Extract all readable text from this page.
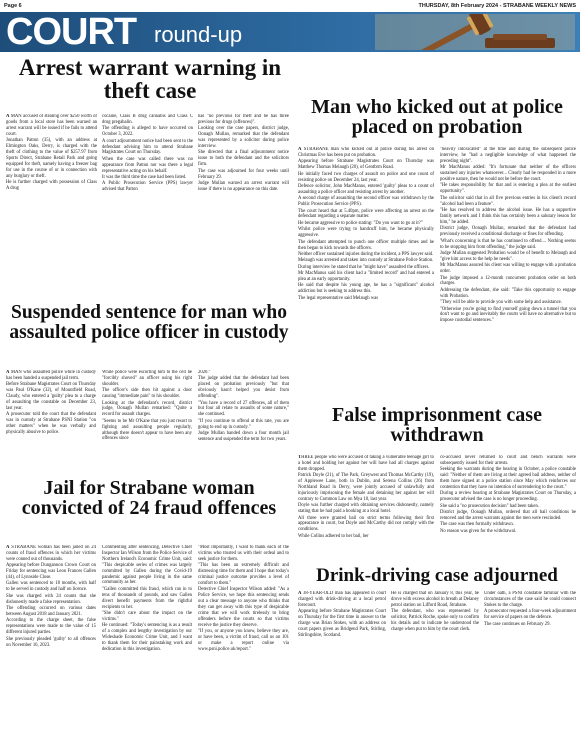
Page 6	THURSDAY, 8th February 2024 - STRABANE WEEKLY NEWS
COURT round-up
Arrest warrant warning in theft case

A MAN accused of stealing over $250 worth of goods from a local store has been warned an arrest warrant will be issued if he fails to attend court.

Jonathan Patton (35), with an address at Elmington Oaks, Derry, is charged with the theft of clothing to the value of $257.97 from Sports Direct, Strabane Retail Park and going equipped for theft, namely having a freezer bag for use in the course of or in connection with any burglary or theft.

He is further charged with possession of Class A drug

cocaine, Class B drug cannabis and Class C drug pregabalin.

The offending is alleged to have occurred on October 3, 2022.

A court adjournment notice had been sent to the defendant advising him to attend Strabane Magistrates Court on Thursday.

When the case was called there was no appearance from Patton nor was there a legal representative acting on his behalf.

It was the third time the case had been listed.

A Public Prosecution Service (PPS) lawyer advised that Patton

has "no previous for theft and he has three previous for drugs (offences)".

Looking over the case papers, district judge, Oonagh Mullan, remarked that the defendant was represented by a solicitor during police interview.

She directed that a final adjournment notice issue to both the defendant and the solicitors firm.

The case was adjourned for four weeks until February 29.

Judge Mullan warned an arrest warrant will issue if there is no appearance on this date.

Man who kicked out at police placed on probation

A STRABANE man who kicked out at police during his arrest on Christmas Eve has been put on probation.

Appearing before Strabane Magistrates Court on Thursday was Matthew Thomas Melaugh (20), of Gentbrm Road.

He initially faced two charges of assault on police and one count of resisting police on December 24, last year.

Defence solicitor, John MacManus, entered 'guilty' pleas to a count of assaulting a police officer and resisting arrest by another.

A second charge of assaulting the second officer was withdrawn by the Public Prosecution Service (PPS).

The court heard that at 5.40pm, police were affecting an arrest on the defendant regarding a separate matter.

He became aggressive to police stating: "Do you want to go at it?"

Whilst police were trying to handcuff him, he became physically aggressive.

The defendant attempted to punch one officer multiple times and he then began to kick towards the officers.

Neither officer sustained injuries during the incident, a PPS lawyer said.

Melaugh was arrested and taken into custody at Strabane Police Station.

During interview he stated that he "might have" assaulted the officers.

Mr MacManus said his client had a "limited record" and had entered a plea at an early opportunity.

He said that despite his young age, he has a "significant" alcohol addiction but is seeking to address this.

The legal representative said Melaugh was

"heavily intoxicated" at the time and during the subsequent police interview, he "had a negligible knowledge of what happened the preceding night".

Mr MacManus added: "It's fortunate that neither of the officers sustained any injuries whatsoever... Clearly had he responded in a more positive nature, then he would not be before the court.

"He takes responsibility for that and is entering a plea at the earliest opportunity".

The solicitor said that in all five previous entries in his client's record "alcohol had been a feature".

"He has resolved to address the alcohol issue. He has a supportive family network and I think this has certainly been a salutary lesson for him," he added.

District judge, Oonagh Mullan, remarked that the defendant had previously received a conditional discharge or fines for offending.

'What's concerning is that he has continued to offend.... Nothing seems to be stopping him from offending," the judge said.

Judge Mullan suggested Probation would be of benefit to Melaugh and "give him access to the help he needs".

Mr MacManus assured his client was willing to engage with a probation order.

The judge imposed a 12-month concurrent probation order on both charges.

Addressing the defendant, she said: "Take this opportunity to engage with Probation.

"They will be able to provide you with some help and assistance.

"Otherwise you're going to find yourself going down a tunnel that you don't want to go and inevitably the courts will have no alternative but to impose custodial sentences."

Suspended sentence for man who assaulted police officer in custody

A MAN who assaulted police while in custody has been handed a suspended jail term.

Before Strabane Magistrates Court on Thursday was Paul O'Kane (32), of Mountfield Road, Claudy, who entered a 'guilty' plea to a charge of assaulting the constable on December 23, last year.

A prosecutor told the court that the defendant was in custody at Strabane PSNI Station "on other matters" when he was verbally and physically abusive to police.

While police were escorting him to the cell he "forcibly shoved" an officer using his right shoulder.

The officer's side then hit against a door causing "immediate pain" to his shoulder.

Looking at the defendant's record, district judge, Oonagh Mullan remarked: "Quite a record for assault charges.

"Seems to be Mr O'Kane that you just resort to fighting and assaulting people regularly, although there doesn't appear to have been any offences since

2020."

The judge added that the defendant had been placed on probation previously "but that obviously hasn't helped you desist from offending".

"You have a record of 27 offences, all of them but four all relate to assaults of some nature," she continued.

"If you continue to offend at this rate, you are going to end up in custody."

Judge Mullan handed down a four month jail sentence and suspended the term for two years.

Jail for Strabane woman convicted of 24 fraud offences

A STRABANE woman has been jailed on 24 counts of fraud offences in which her victims were conned out of thousands.

Appearing before Dungannon Crown Court on Friday for sentencing was Leon Frances Gallen (44), of Lynnside Close.

Gallen was sentenced to 18 months, with half to be served in custody and half on licence.

She was charged with 24 counts that she dishonestly made a false representation.

The offending occurred on various dates between August 2018 and January 2021.

According to the charge sheet, the false representations were made to the value of 15 different injured parties.

She previously pleaded 'guilty' to all offences on November 16, 2023.

Commenting after sentencing, Detective Chief Inspector Ian Wilson from the Police Service of Northern Ireland's Economic Crime Unit, said: "This despicable series of crimes was largely committed by Gallen during the Covid-19 pandemic against people living in the same community as her.

"Gallen committed this fraud, which ran in to tens of thousands of pounds, and saw Gallen divert benefit payments from the rightful recipients to her.

"She didn't care about the impact on the victims."

He continued: "Today's sentencing is as a result of a complex and lengthy investigation by our Wideshade Economic Crime Unit, and I want to thank them for their painstaking work and dedication in this investigation.

"Most importantly, I want to thank each of the victims who trusted us with their ordeal and to seek justice for them.

"This has been an extremely difficult and distressing time for them and I hope that today's criminal justice outcome provides a level of comfort to them."

Detective Chief Inspector Wilson added: "As a Police Service, we hope this sentencing sends out a clear message to anyone who thinks that they can get away with this type of despicable crime that we will work tirelessly to bring offenders before the courts so that victims receive the justice they deserve.

"If you, or anyone you know, believe they are, or have been, a victim of fraud, call us on 101 or make a report online via www.psni.police.uk/report."

False imprisonment case withdrawn

THREE people who were accused of taking a vulnerable teenage girl to a hotel and holding her against her will have had all charges against them dropped.

Patrick Doyle (21), of The Park, Greywest and Thomas McCarthy (19), of Applewee Lane, both in Dublin, and Serena Collins (26) from Northland Road in Derry, were jointly accused of unlawfully and injuriously imprisoning the female and detaining her against her will contrary to Common Law on Mya 10, last year.

Doyle was further charged with obtaining services dishonestly, namely stating that he had paid a booking at a local hotel.

All three were granted bail on strict terms following their first appearance in court, but Doyle and McCarthy did not comply with the conditions.

While Collins adhered to her bail, her

co-accused never returned to court and bench warrants were subsequently issued for their arrests.

Seeking the warrants during the hearing in October, a police constable said: "Neither of them are living at their agreed bail address, neither of them have signed at a police station since May which reinforces our contention that they have no intention of surrendering to the court."

During a review hearing at Strabane Magistrates Court on Thursday, a prosecutor advised the case is no longer proceeding.

She said a "no prosecution decision" had been taken.

District judge, Oonagh Mullan, ordered that all bail conditions be removed and the arrest warrants against the men were rescinded.

The case was then formally withdrawn.

No reason was given for the withdrawal.

Drink-driving case adjourned

A 38-YEAR-OLD man has appeared in court charged with drink-driving at a local petrol forecourt.

Appearing before Strabane Magistrates Court on Thursday for the first time in answer to the charge was Brian Stokes, with an address on court papers given as Bridgend Park, Stirling, Stirlingshire, Scotland.

He is charged that on January 8, this year, he drove with excess alcohol in breath at Delaney petrol station on Lifford Road, Strabane.

The defendant, who was represented by solicitor, Patrick Roche, spoke only to confirm his details and to indicate he understood the charge when put to him by the court clerk.

Under oath, a PSNI constable familiar with the circumstances of the case said he could connect Stokes to the charge.

A prosecutor requested a four-week adjournment for service of papers on the defence.

The case continues on February 29.
